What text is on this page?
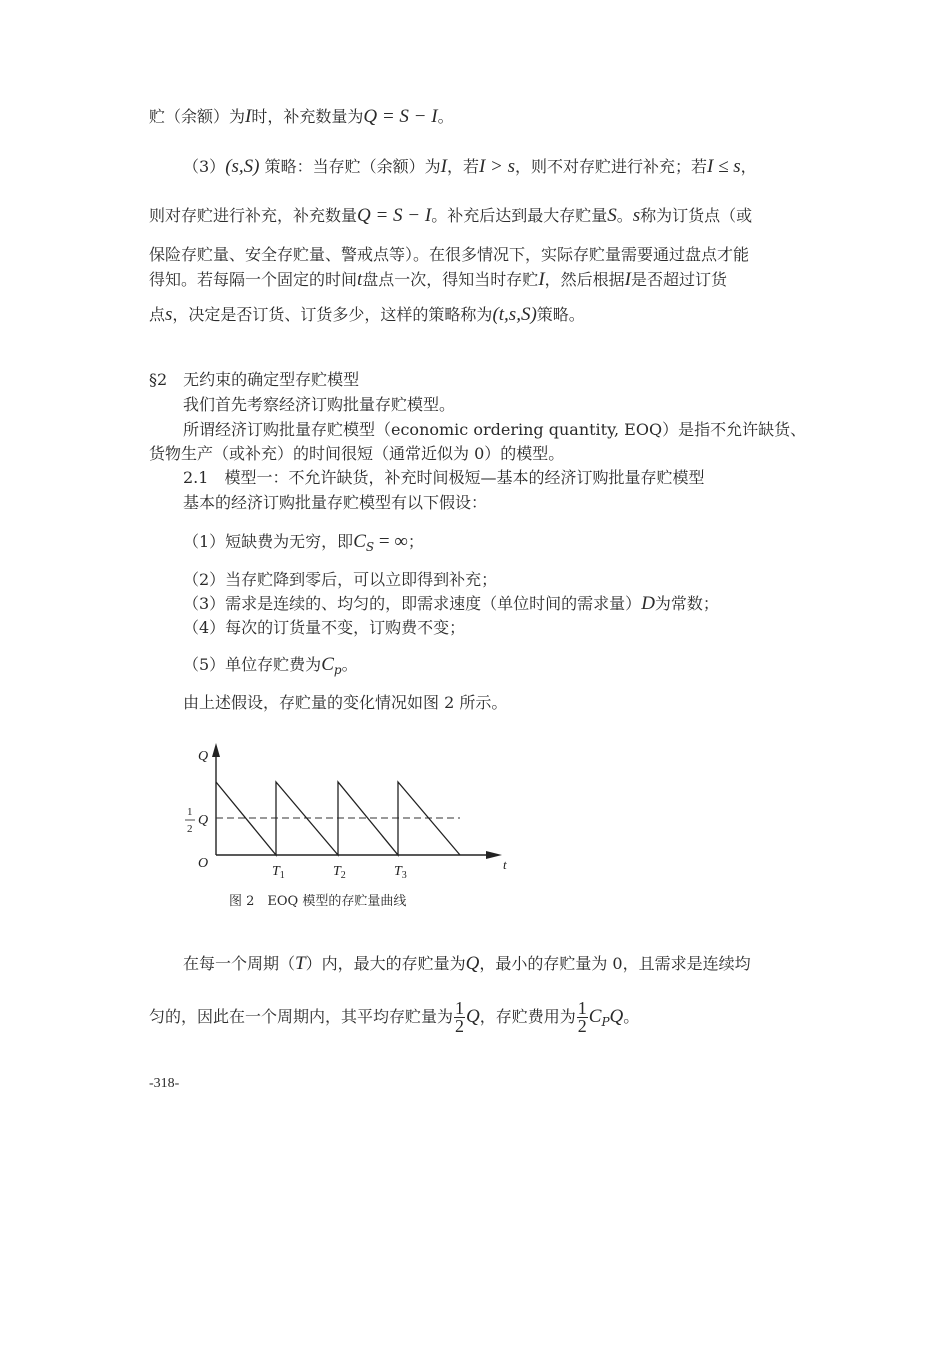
贮（余额）为I时，补充数量为Q = S − I。
（3）(s,S) 策略：当存贮（余额）为I，若I > s，则不对存贮进行补充；若I ≤ s，
则对存贮进行补充，补充数量Q = S − I。补充后达到最大存贮量S。s称为订货点（或
保险存贮量、安全存贮量、警戒点等）。在很多情况下，实际存贮量需要通过盘点才能
得知。若每隔一个固定的时间t盘点一次，得知当时存贮I，然后根据I是否超过订货
点s，决定是否订货、订货多少，这样的策略称为(t,s,S)策略。
§2　无约束的确定型存贮模型
我们首先考察经济订购批量存贮模型。
所谓经济订购批量存贮模型（economic ordering quantity, EOQ）是指不允许缺货、
货物生产（或补充）的时间很短（通常近似为 0）的模型。
2.1　模型一：不允许缺货，补充时间极短—基本的经济订购批量存贮模型
基本的经济订购批量存贮模型有以下假设：
（1）短缺费为无穷，即$C_S$ = ∞；
（2）当存贮降到零后，可以立即得到补充；
（3）需求是连续的、均匀的，即需求速度（单位时间的需求量）D为常数；
（4）每次的订货量不变，订购费不变；
（5）单位存贮费为$C_p$。
由上述假设，存贮量的变化情况如图 2 所示。
Q
1
2
Q
O	t
$T_1$	$T_2$	$T_3$
图 2　EOQ 模型的存贮量曲线
在每一个周期（T）内，最大的存贮量为Q，最小的存贮量为 0，且需求是连续均
匀的，因此在一个周期内，其平均存贮量为 $\frac{1}{2}$ Q，存贮费用为 $\frac{1}{2} C_PQ$。
-318-
